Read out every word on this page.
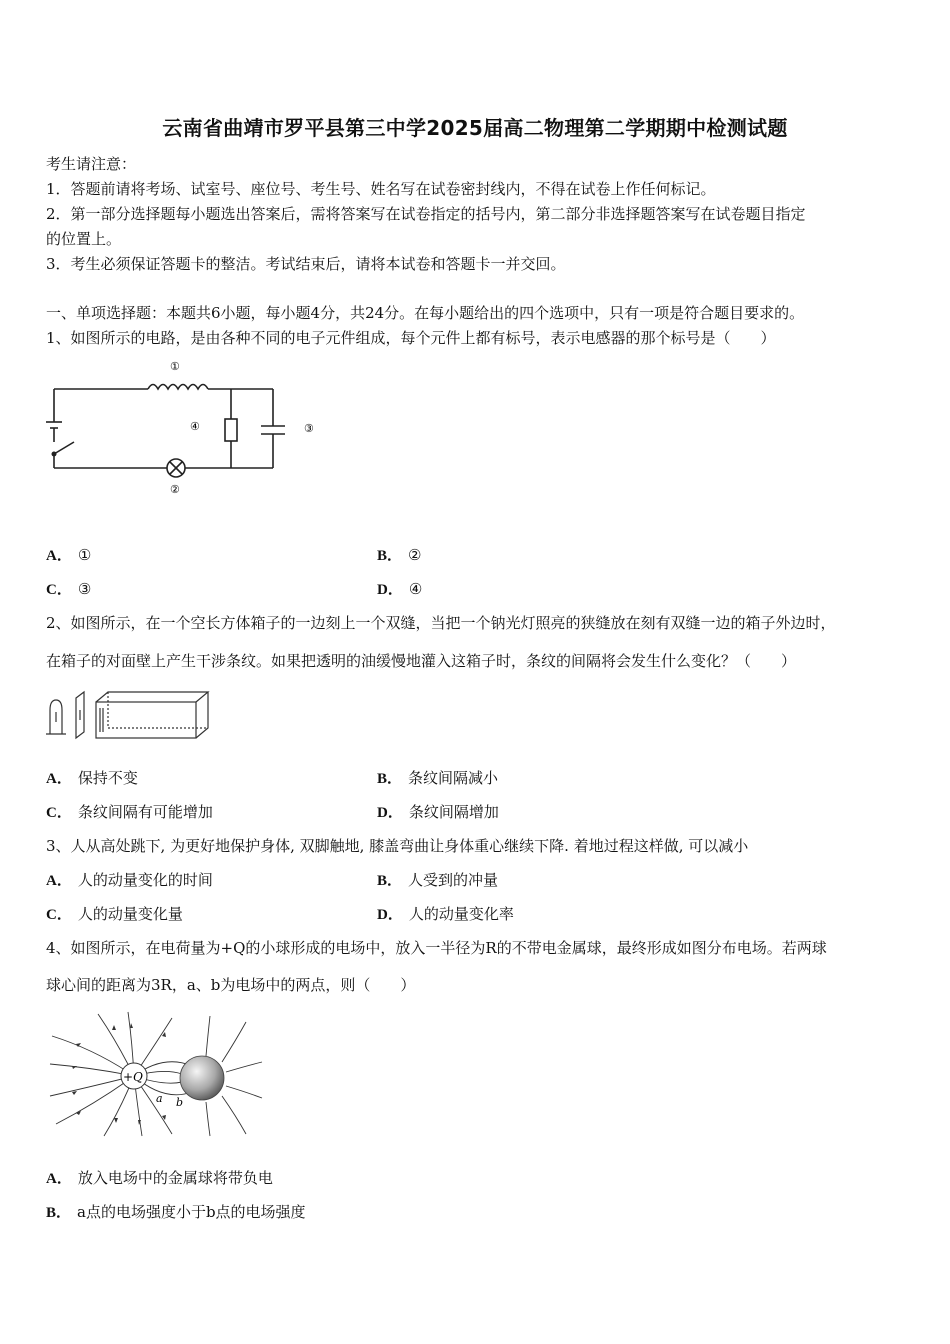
云南省曲靖市罗平县第三中学2025届高二物理第二学期期中检测试题
考生请注意：
1．答题前请将考场、试室号、座位号、考生号、姓名写在试卷密封线内，不得在试卷上作任何标记。
2．第一部分选择题每小题选出答案后，需将答案写在试卷指定的括号内，第二部分非选择题答案写在试卷题目指定
的位置上。
3．考生必须保证答题卡的整洁。考试结束后，请将本试卷和答题卡一并交回。
一、单项选择题：本题共6小题，每小题4分，共24分。在每小题给出的四个选项中，只有一项是符合题目要求的。
1、如图所示的电路，是由各种不同的电子元件组成，每个元件上都有标号，表示电感器的那个标号是（　　）
①
②
③
④
A． ①	B． ②
C． ③	D． ④
2、如图所示，在一个空长方体箱子的一边刻上一个双缝，当把一个钠光灯照亮的狭缝放在刻有双缝一边的箱子外边时，
在箱子的对面壁上产生干涉条纹。如果把透明的油缓慢地灌入这箱子时，条纹的间隔将会发生什么变化？（　　）
A． 保持不变	B． 条纹间隔减小
C． 条纹间隔有可能增加	D． 条纹间隔增加
3、人从高处跳下, 为更好地保护身体, 双脚触地, 膝盖弯曲让身体重心继续下降. 着地过程这样做, 可以减小
A． 人的动量变化的时间	B． 人受到的冲量
C． 人的动量变化量	D． 人的动量变化率
4、如图所示，在电荷量为+Q的小球形成的电场中，放入一半径为R的不带电金属球，最终形成如图分布电场。若两球
球心间的距离为3R，a、b为电场中的两点，则（　　）
+Q
a b
A． 放入电场中的金属球将带负电
B． a点的电场强度小于b点的电场强度
